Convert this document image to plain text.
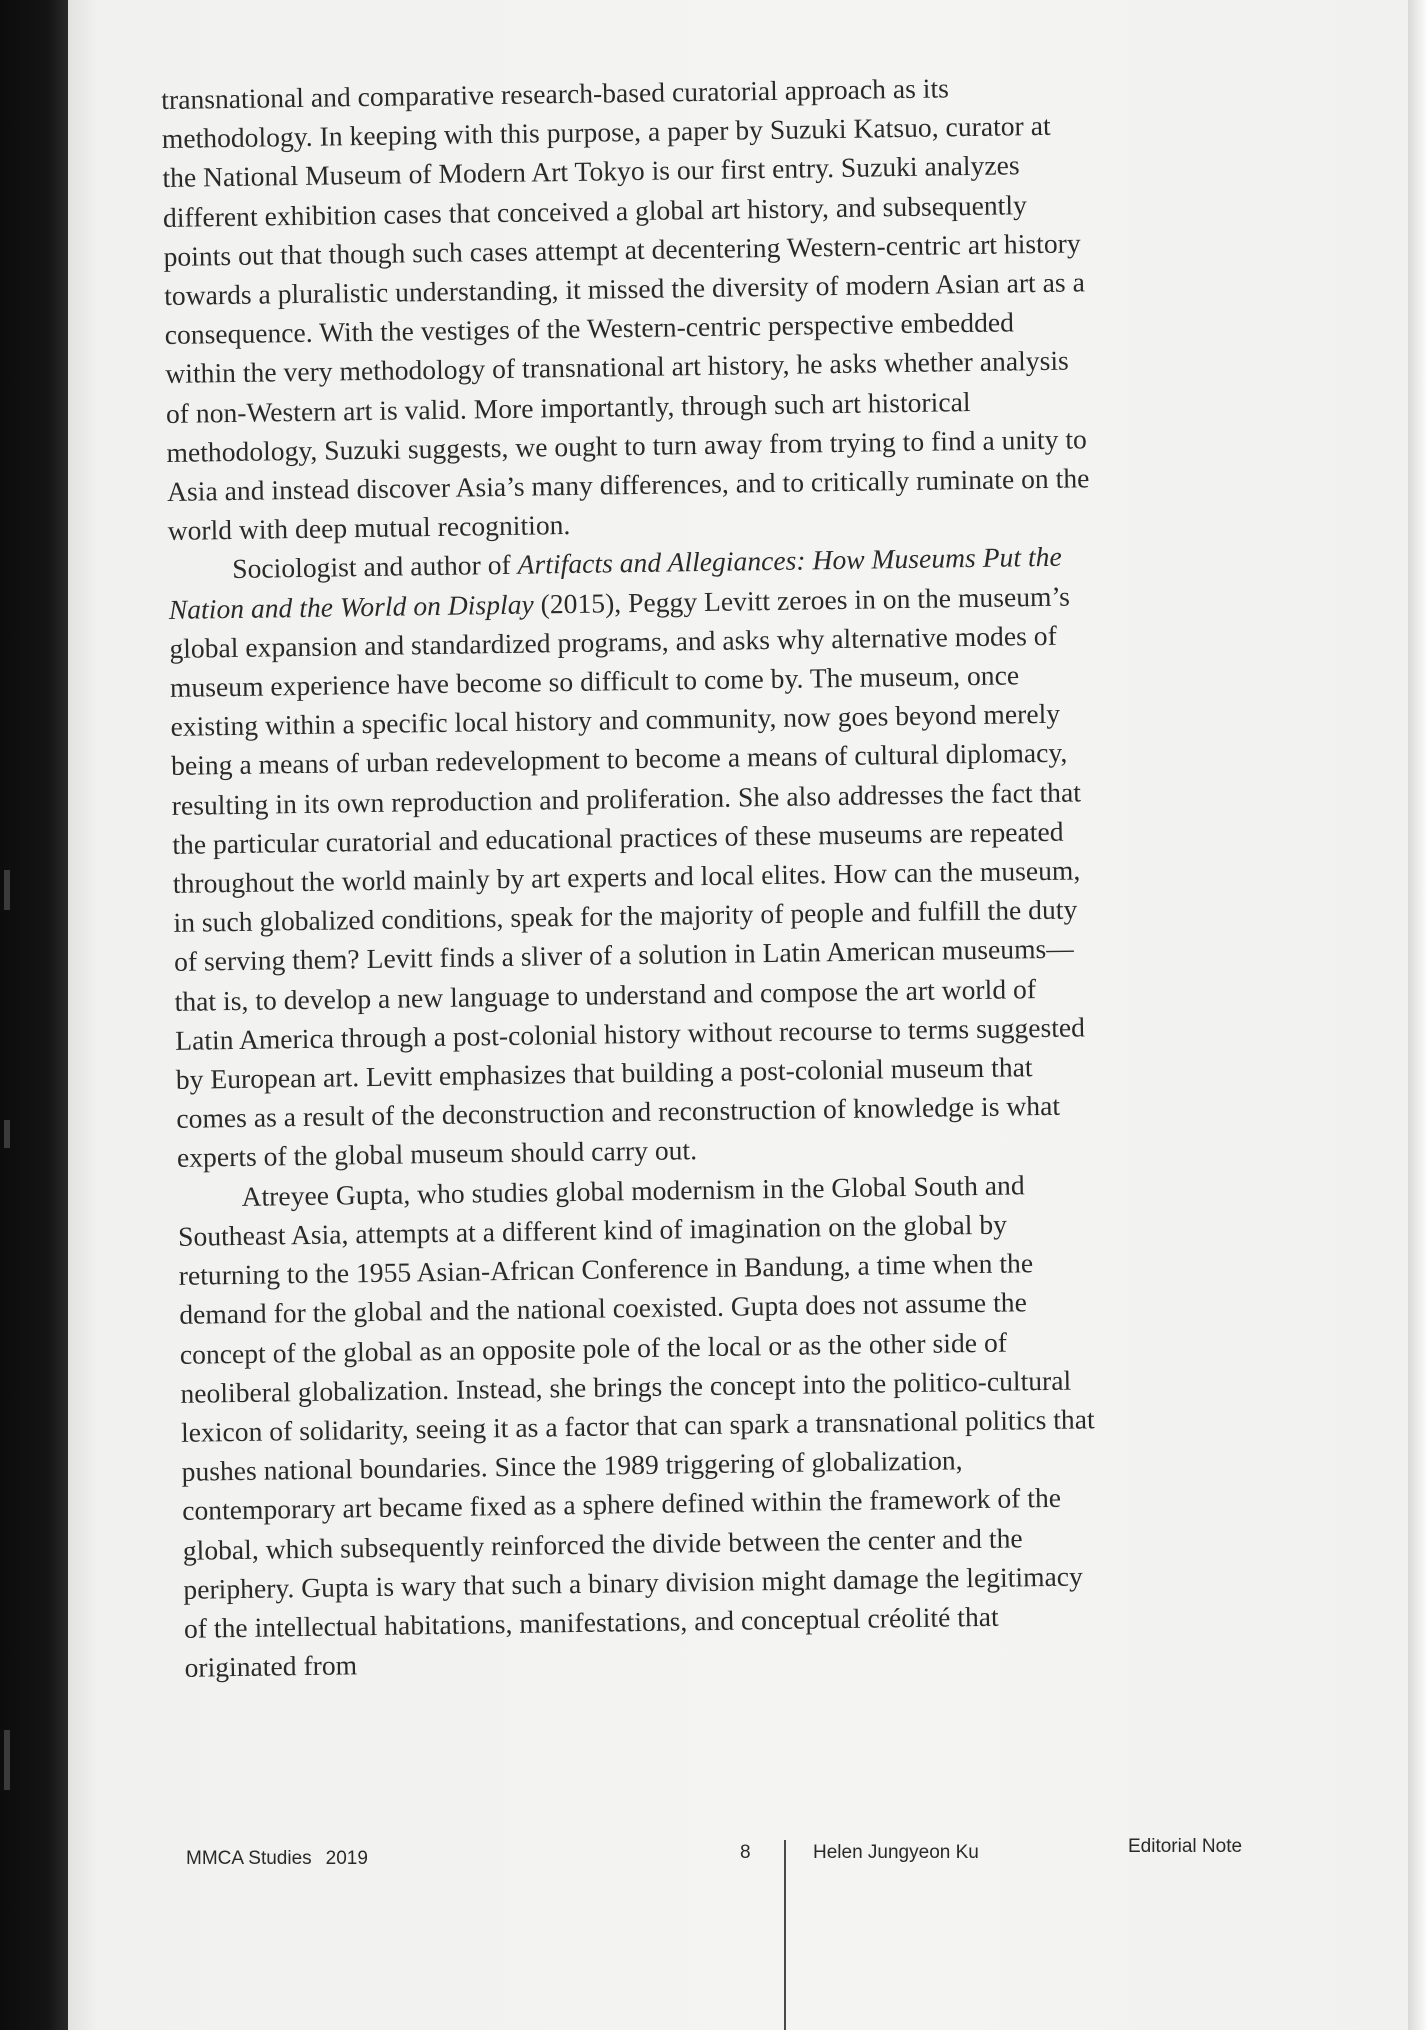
transnational and comparative research-based curatorial approach as its methodology. In keeping with this purpose, a paper by Suzuki Katsuo, curator at the National Museum of Modern Art Tokyo is our first entry. Suzuki analyzes different exhibition cases that conceived a global art history, and subsequently points out that though such cases attempt at decentering Western-centric art history towards a pluralistic understanding, it missed the diversity of modern Asian art as a consequence. With the vestiges of the Western-centric perspective embedded within the very methodology of transnational art history, he asks whether analysis of non-Western art is valid. More importantly, through such art historical methodology, Suzuki suggests, we ought to turn away from trying to find a unity to Asia and instead discover Asia’s many differences, and to critically ruminate on the world with deep mutual recognition.

Sociologist and author of Artifacts and Allegiances: How Museums Put the Nation and the World on Display (2015), Peggy Levitt zeroes in on the museum’s global expansion and standardized programs, and asks why alternative modes of museum experience have become so difficult to come by. The museum, once existing within a specific local history and community, now goes beyond merely being a means of urban redevelopment to become a means of cultural diplomacy, resulting in its own reproduction and proliferation. She also addresses the fact that the particular curatorial and educational practices of these museums are repeated throughout the world mainly by art experts and local elites. How can the museum, in such globalized conditions, speak for the majority of people and fulfill the duty of serving them? Levitt finds a sliver of a solution in Latin American museums—that is, to develop a new language to understand and compose the art world of Latin America through a post-colonial history without recourse to terms suggested by European art. Levitt emphasizes that building a post-colonial museum that comes as a result of the deconstruction and reconstruction of knowledge is what experts of the global museum should carry out.

Atreyee Gupta, who studies global modernism in the Global South and Southeast Asia, attempts at a different kind of imagination on the global by returning to the 1955 Asian-African Conference in Bandung, a time when the demand for the global and the national coexisted. Gupta does not assume the concept of the global as an opposite pole of the local or as the other side of neoliberal globalization. Instead, she brings the concept into the politico-cultural lexicon of solidarity, seeing it as a factor that can spark a transnational politics that pushes national boundaries. Since the 1989 triggering of globalization, contemporary art became fixed as a sphere defined within the framework of the global, which subsequently reinforced the divide between the center and the periphery. Gupta is wary that such a binary division might damage the legitimacy of the intellectual habitations, manifestations, and conceptual créolité that originated from

MMCA Studies 2019	8	Helen Jungyeon Ku	Editorial Note
